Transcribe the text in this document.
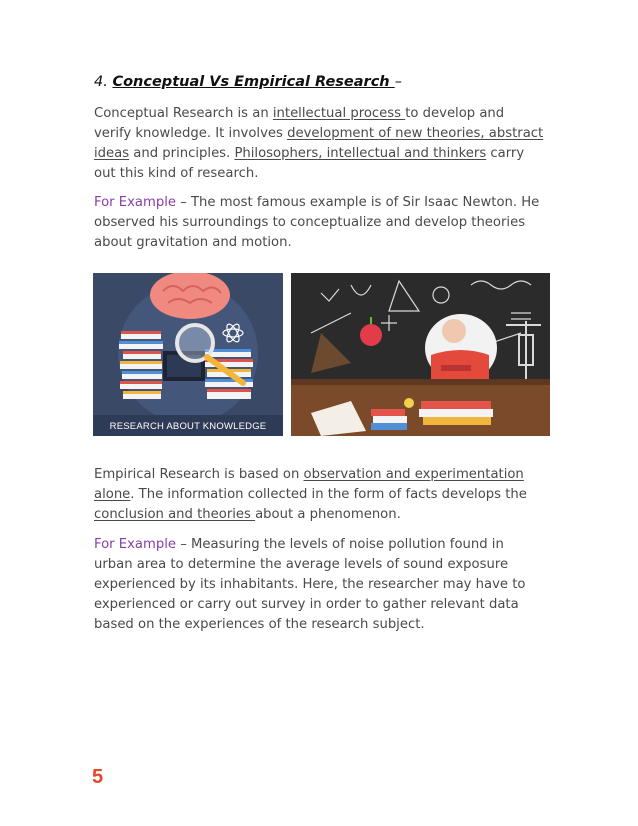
4. Conceptual Vs Empirical Research –
Conceptual Research is an intellectual process to develop and verify knowledge. It involves development of new theories, abstract ideas and principles. Philosophers, intellectual and thinkers carry out this kind of research.
For Example – The most famous example is of Sir Isaac Newton. He observed his surroundings to conceptualize and develop theories about gravitation and motion.
RESEARCH ABOUT KNOWLEDGE
Empirical Research is based on observation and experimentation alone. The information collected in the form of facts develops the conclusion and theories about a phenomenon.
For Example – Measuring the levels of noise pollution found in urban area to determine the average levels of sound exposure experienced by its inhabitants. Here, the researcher may have to experienced or carry out survey in order to gather relevant data based on the experiences of the research subject.
5
